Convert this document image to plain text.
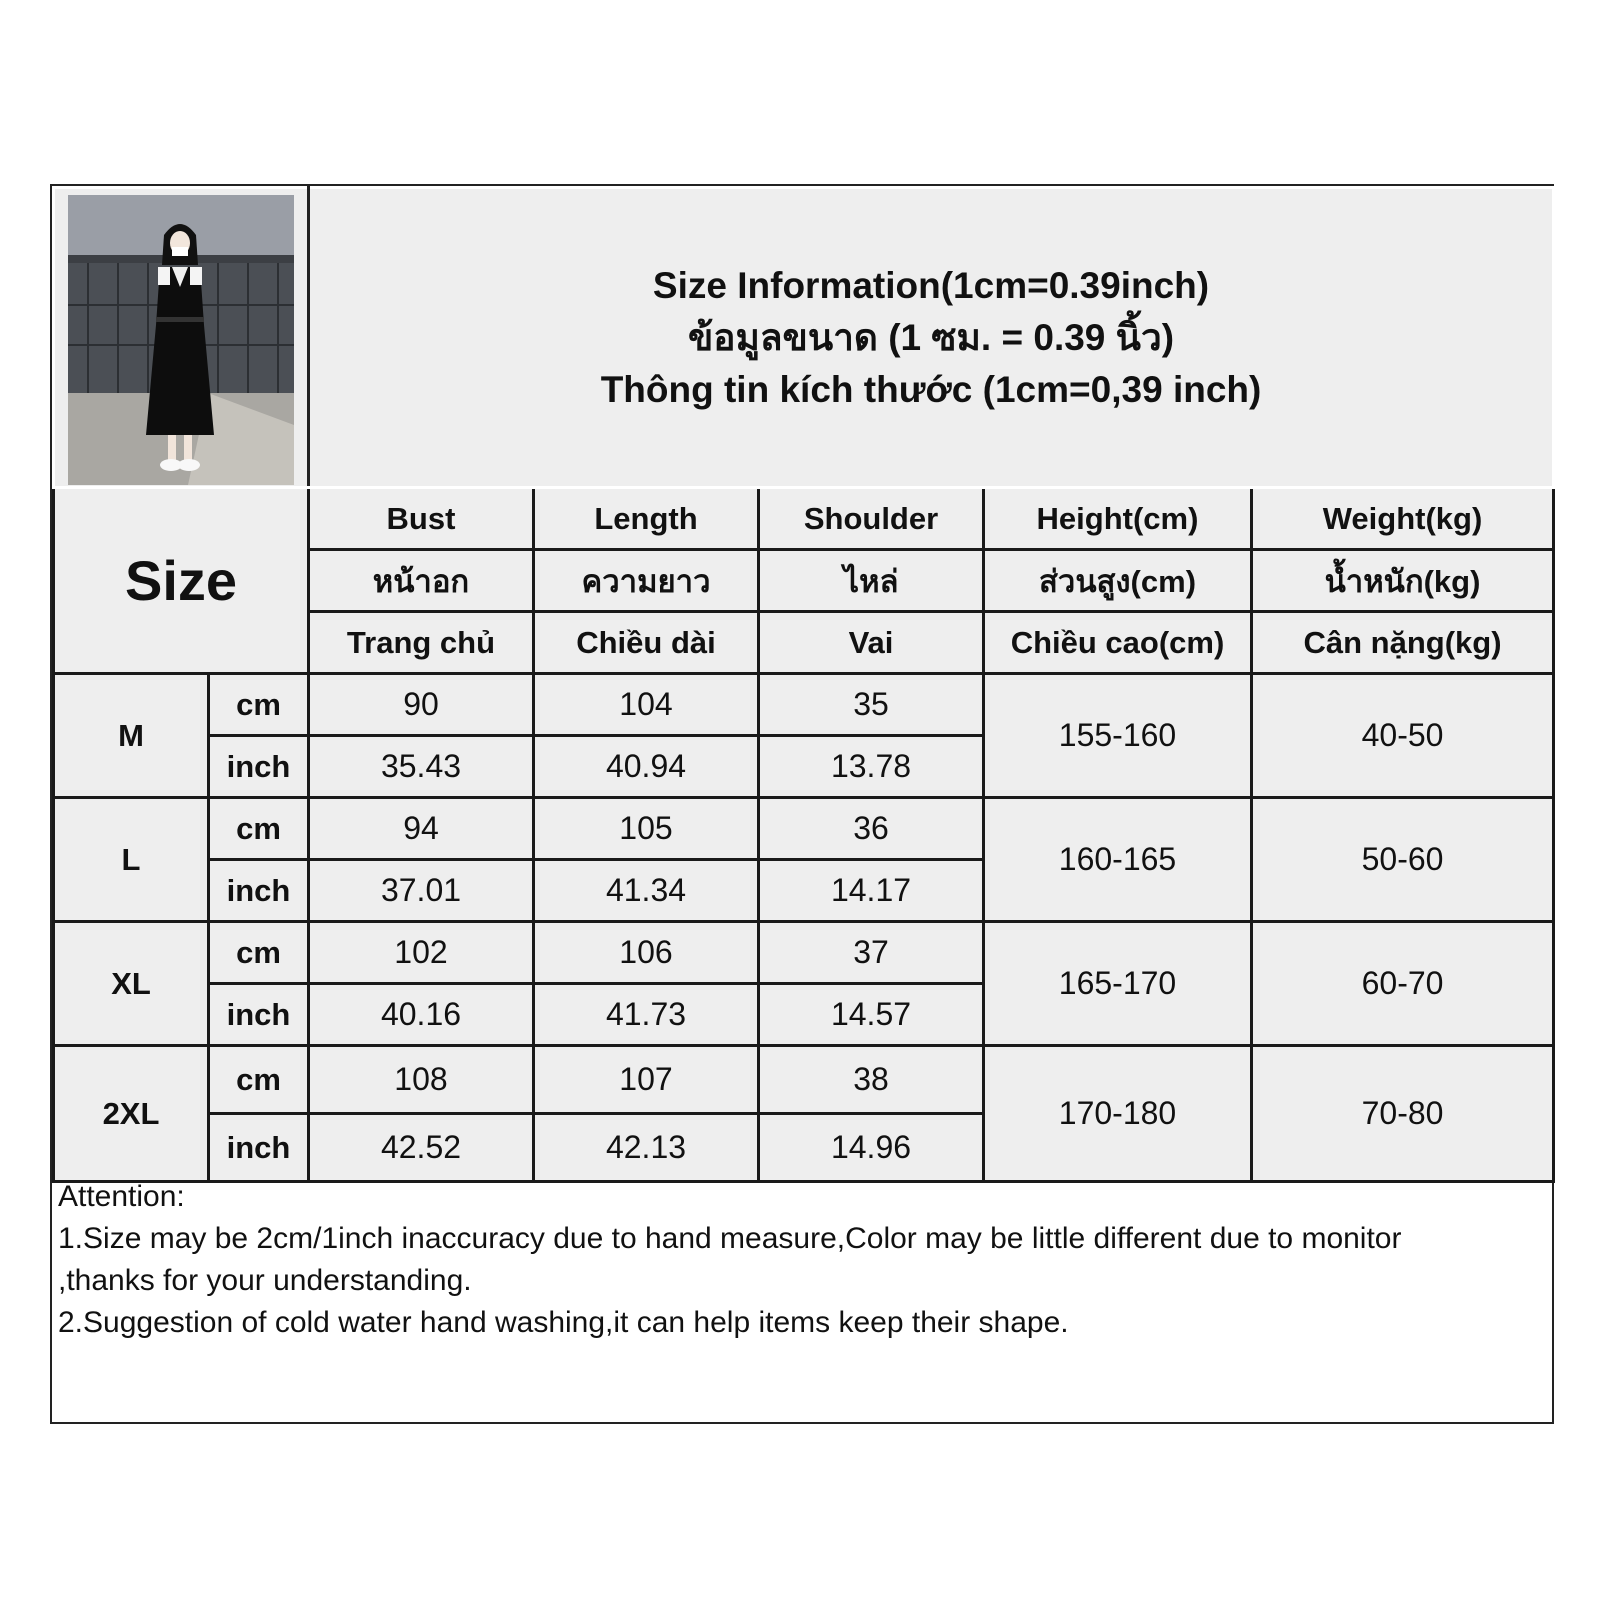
Size Information(1cm=0.39inch)
ข้อมูลขนาด (1 ซม. = 0.39 นิ้ว)
Thông tin kích thước (1cm=0,39 inch)				

Size		Bust	Length	Shoulder	Height(cm)	Weight(kg)
		หน้าอก	ความยาว	ไหล่	ส่วนสูง(cm)	น้ำหนัก(kg)
		Trang chủ	Chiều dài	Vai	Chiều cao(cm)	Cân nặng(kg)
M	cm	90	104	35	155-160	40-50
	inch	35.43	40.94	13.78		
L	cm	94	105	36	160-165	50-60
	inch	37.01	41.34	14.17		
XL	cm	102	106	37	165-170	60-70
	inch	40.16	41.73	14.57		
2XL	cm	108	107	38	170-180	70-80
	inch	42.52	42.13	14.96		

Attention:

1.Size may be 2cm/1inch inaccuracy due to hand measure,Color may be little different due to monitor

,thanks for your understanding.

2.Suggestion of cold water hand washing,it can help items keep their shape.
